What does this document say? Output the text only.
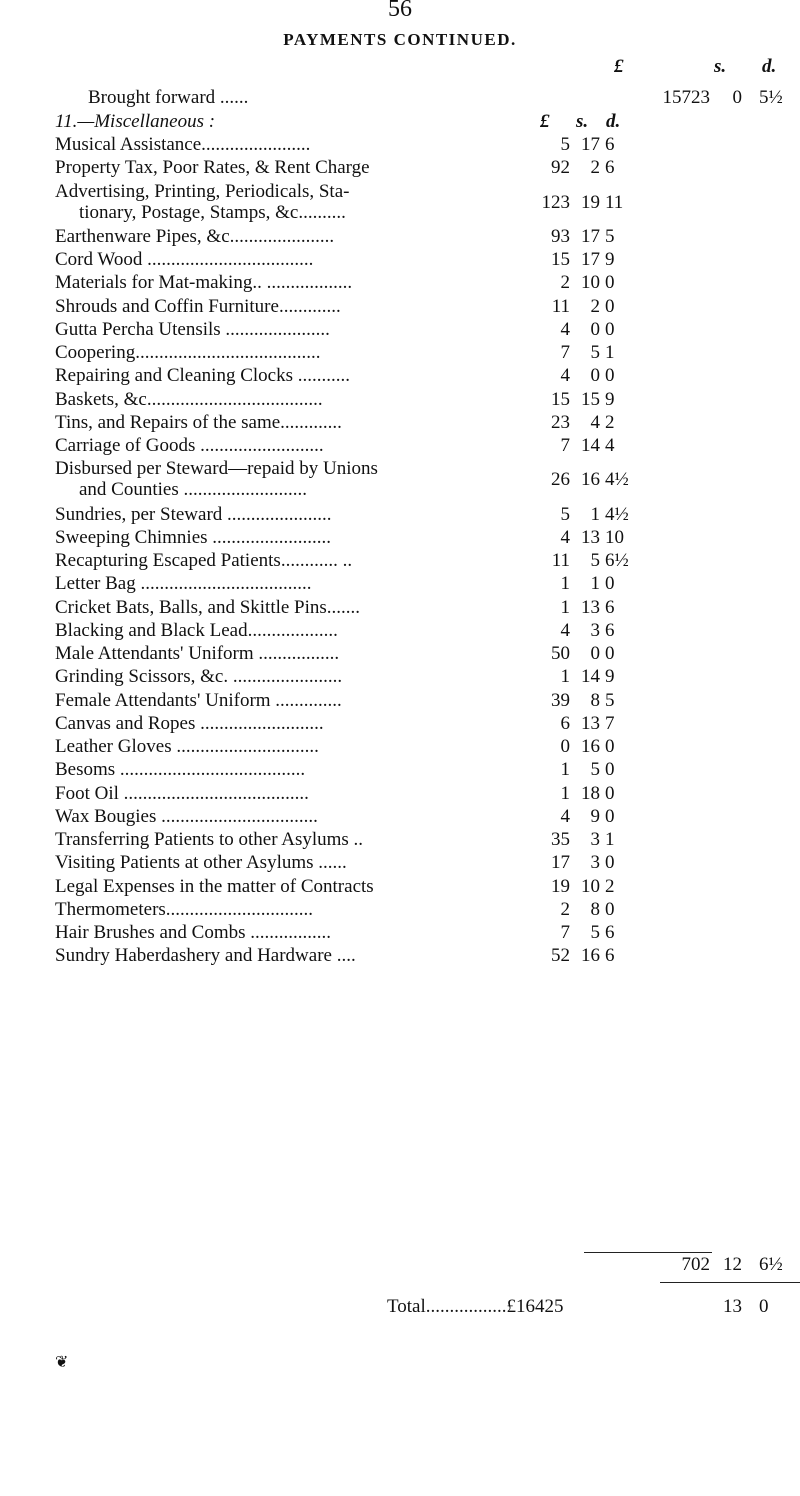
56
PAYMENTS CONTINUED.
£	s. d.
Brought forward ......	15723	0 5½
11.—Miscellaneous :	£ s. d.
Musical Assistance.......................	5 17 6
Property Tax, Poor Rates, & Rent Charge	92	2 6
Advertising, Printing, Periodicals, Sta-
tionary, Postage, Stamps, &c..........	123 19 11
Earthenware Pipes, &c......................	93 17 5
Cord Wood ...................................	15 17 9
Materials for Mat-making.. ..................	2 10 0
Shrouds and Coffin Furniture.............	11	2 0
Gutta Percha Utensils ......................	4	0 0
Coopering.......................................	7	5 1
Repairing and Cleaning Clocks ...........	4	0 0
Baskets, &c.....................................	15 15 9
Tins, and Repairs of the same.............	23	4 2
Carriage of Goods ..........................	7 14 4
Disbursed per Steward—repaid by Unions
and Counties ..........................	26 16 4½
Sundries, per Steward ......................	5	1 4½
Sweeping Chimnies .........................	4 13 10
Recapturing Escaped Patients............ ..	11	5 6½
Letter Bag ....................................	1	1 0
Cricket Bats, Balls, and Skittle Pins.......	1 13 6
Blacking and Black Lead...................	4	3 6
Male Attendants' Uniform .................	50	0 0
Grinding Scissors, &c. .......................	1 14 9
Female Attendants' Uniform ..............	39	8 5
Canvas and Ropes ..........................	6 13 7
Leather Gloves ..............................	0 16 0
Besoms .......................................	1	5 0
Foot Oil .......................................	1 18 0
Wax Bougies .................................	4	9 0
Transferring Patients to other Asylums ..	35	3 1
Visiting Patients at other Asylums ......	17	3 0
Legal Expenses in the matter of Contracts	19 10 2
Thermometers...............................	2	8 0
Hair Brushes and Combs .................	7	5 6
Sundry Haberdashery and Hardware ....	52 16 6
702 12 6½
Total.................£16425	13 0
❦
